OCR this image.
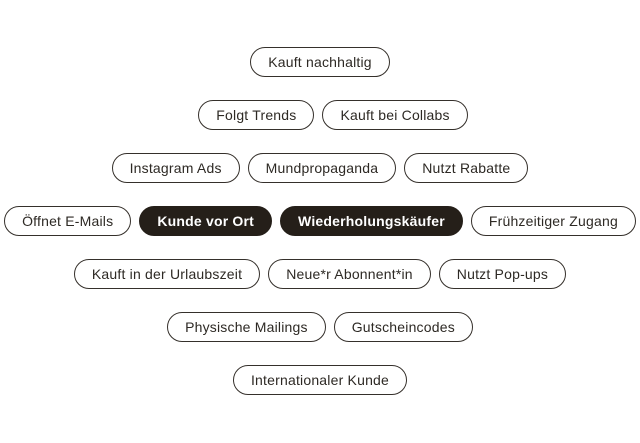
Kauft nachhaltig
Folgt Trends	Kauft bei Collabs
Instagram Ads	Mundpropaganda	Nutzt Rabatte
Öffnet E-Mails	Kunde vor Ort	Wiederholungskäufer	Frühzeitiger Zugang
Kauft in der Urlaubszeit	Neue*r Abonnent*in	Nutzt Pop-ups
Physische Mailings	Gutscheincodes
Internationaler Kunde
